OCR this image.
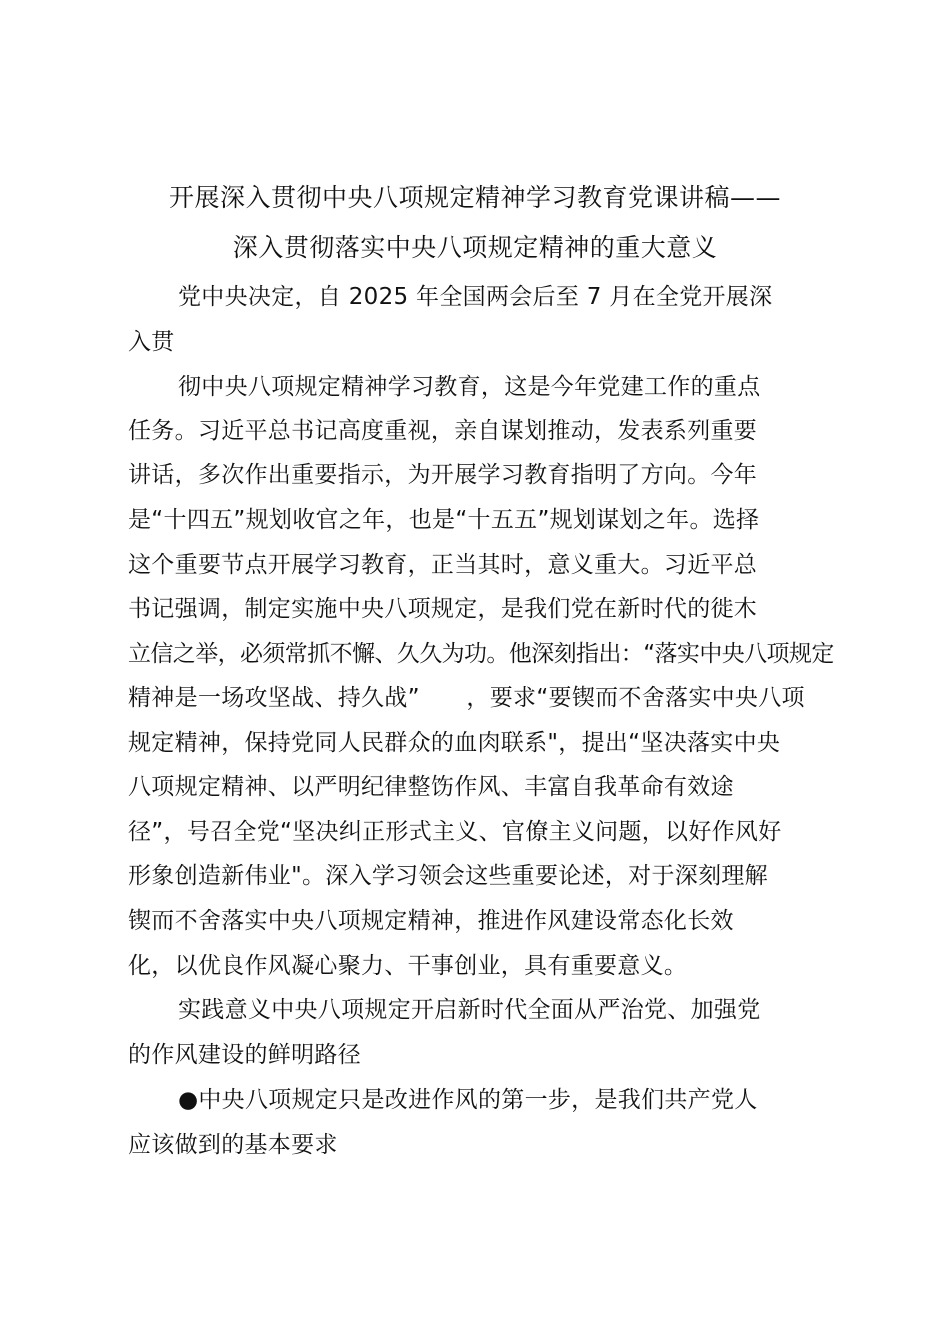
开展深入贯彻中央八项规定精神学习教育党课讲稿——
深入贯彻落实中央八项规定精神的重大意义
党中央决定，自 2025 年全国两会后至 7 月在全党开展深
入贯
彻中央八项规定精神学习教育，这是今年党建工作的重点
任务。习近平总书记高度重视，亲自谋划推动，发表系列重要
讲话，多次作出重要指示，为开展学习教育指明了方向。今年
是“十四五”规划收官之年，也是“十五五”规划谋划之年。选择
这个重要节点开展学习教育，正当其时，意义重大。习近平总
书记强调，制定实施中央八项规定，是我们党在新时代的徙木
立信之举，必须常抓不懈、久久为功。他深刻指出：“落实中央八项规定
精神是一场攻坚战、持久战”　　，要求“要锲而不舍落实中央八项
规定精神，保持党同人民群众的血肉联系"，提出“坚决落实中央
八项规定精神、以严明纪律整饬作风、丰富自我革命有效途
径”，号召全党“坚决纠正形式主义、官僚主义问题，以好作风好
形象创造新伟业"。深入学习领会这些重要论述，对于深刻理解
锲而不舍落实中央八项规定精神，推进作风建设常态化长效
化，以优良作风凝心聚力、干事创业，具有重要意义。
实践意义中央八项规定开启新时代全面从严治党、加强党
的作风建设的鲜明路径
●中央八项规定只是改进作风的第一步，是我们共产党人
应该做到的基本要求
